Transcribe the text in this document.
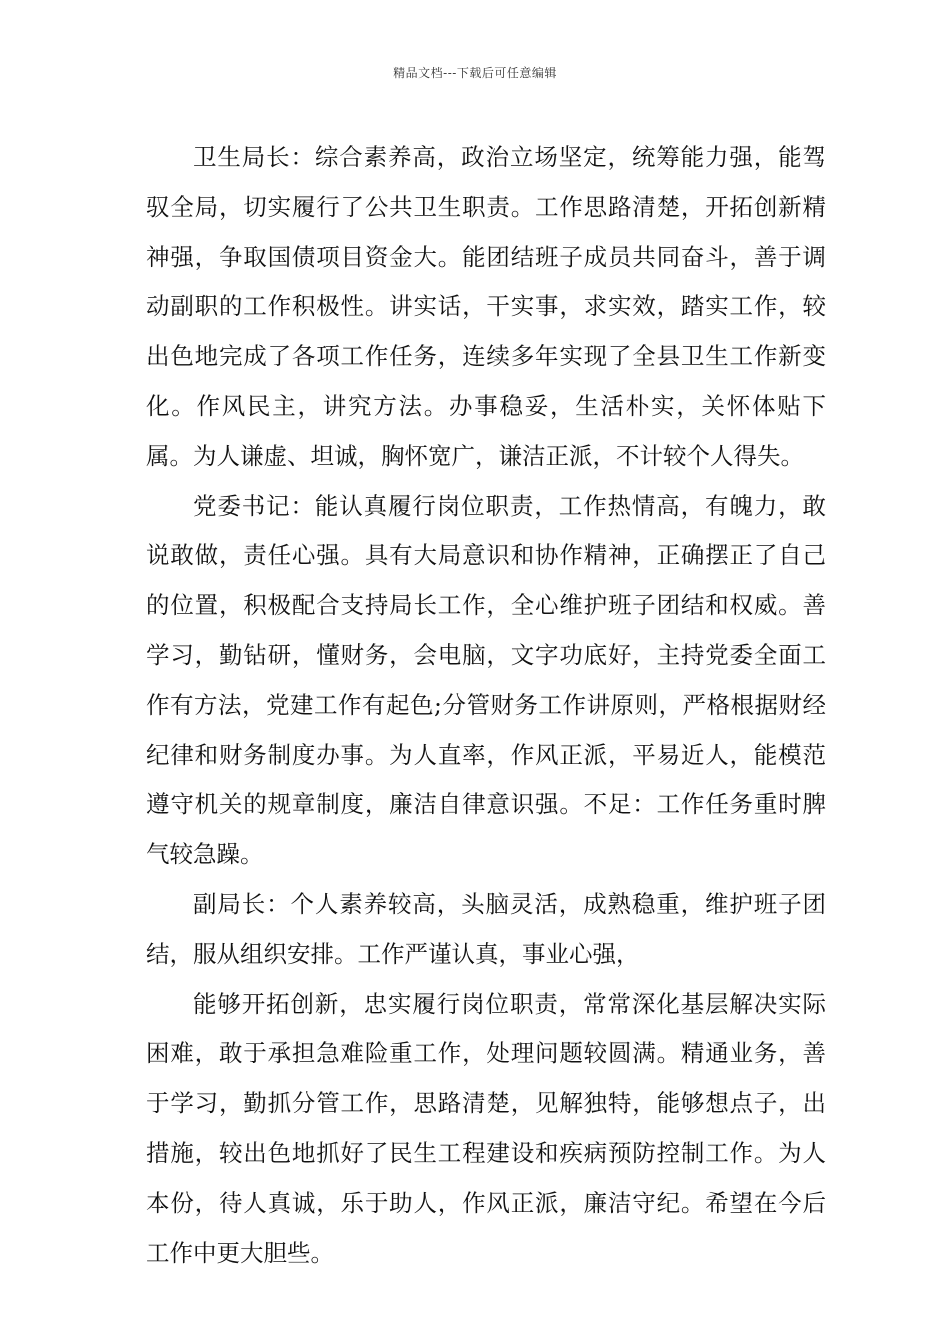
精品文档---下载后可任意编辑

卫生局长：综合素养高，政治立场坚定，统筹能力强，能驾驭全局，切实履行了公共卫生职责。工作思路清楚，开拓创新精神强，争取国债项目资金大。能团结班子成员共同奋斗，善于调动副职的工作积极性。讲实话，干实事，求实效，踏实工作，较出色地完成了各项工作任务，连续多年实现了全县卫生工作新变化。作风民主，讲究方法。办事稳妥，生活朴实，关怀体贴下属。为人谦虚、坦诚，胸怀宽广，谦洁正派，不计较个人得失。

党委书记：能认真履行岗位职责，工作热情高，有魄力，敢说敢做，责任心强。具有大局意识和协作精神，正确摆正了自己的位置，积极配合支持局长工作，全心维护班子团结和权威。善学习，勤钻研，懂财务，会电脑，文字功底好，主持党委全面工作有方法，党建工作有起色;分管财务工作讲原则，严格根据财经纪律和财务制度办事。为人直率，作风正派，平易近人，能模范遵守机关的规章制度，廉洁自律意识强。不足：工作任务重时脾气较急躁。

副局长：个人素养较高，头脑灵活，成熟稳重，维护班子团结，服从组织安排。工作严谨认真，事业心强，

能够开拓创新，忠实履行岗位职责，常常深化基层解决实际困难，敢于承担急难险重工作，处理问题较圆满。精通业务，善于学习，勤抓分管工作，思路清楚，见解独特，能够想点子，出措施，较出色地抓好了民生工程建设和疾病预防控制工作。为人本份，待人真诚，乐于助人，作风正派，廉洁守纪。希望在今后工作中更大胆些。
